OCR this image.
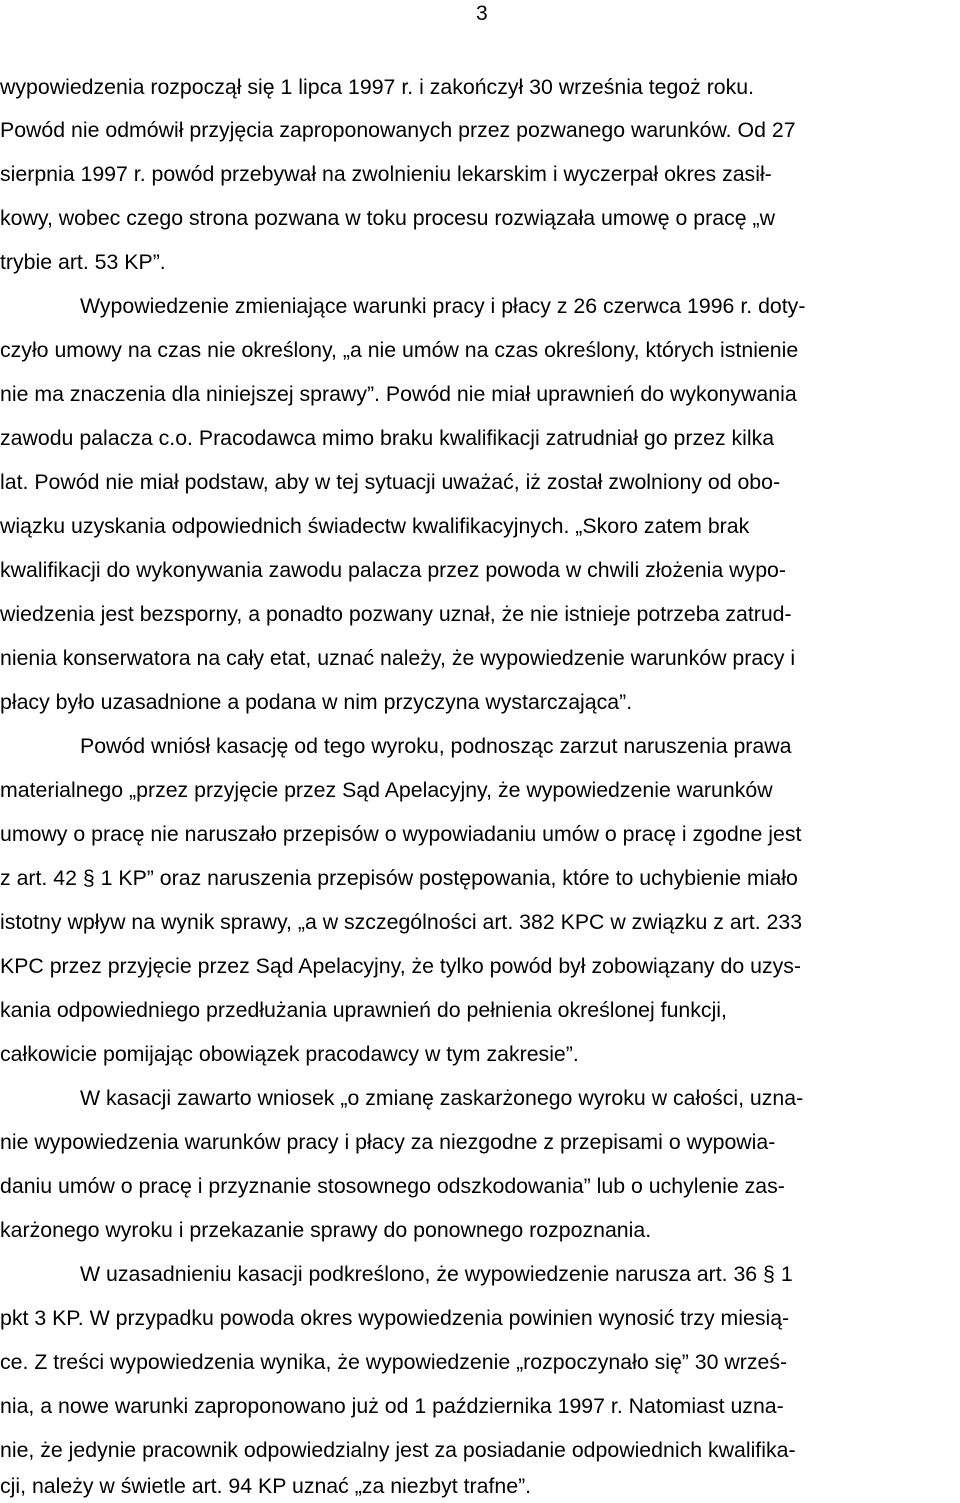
3
wypowiedzenia rozpoczął się 1 lipca 1997 r. i zakończył 30 września tegoż roku.
Powód nie odmówił przyjęcia zaproponowanych przez pozwanego warunków. Od 27
sierpnia 1997 r. powód przebywał na zwolnieniu lekarskim i wyczerpał okres zasił-
kowy, wobec czego strona pozwana w toku procesu rozwiązała umowę o pracę „w
trybie art. 53 KP”.
Wypowiedzenie zmieniające warunki pracy i płacy z 26 czerwca 1996 r. doty-
czyło umowy na czas nie określony, „a nie umów na czas określony, których istnienie
nie ma znaczenia dla niniejszej sprawy”. Powód nie miał uprawnień do wykonywania
zawodu palacza c.o. Pracodawca mimo braku kwalifikacji zatrudniał go przez kilka
lat. Powód nie miał podstaw, aby w tej sytuacji uważać, iż został zwolniony od obo-
wiązku uzyskania odpowiednich świadectw kwalifikacyjnych. „Skoro zatem brak
kwalifikacji do wykonywania zawodu palacza przez powoda w chwili złożenia wypo-
wiedzenia jest bezsporny, a ponadto pozwany uznał, że nie istnieje potrzeba zatrud-
nienia konserwatora na cały etat, uznać należy, że wypowiedzenie warunków pracy i
płacy było uzasadnione a podana w nim przyczyna wystarczająca”.
Powód wniósł kasację od tego wyroku, podnosząc zarzut naruszenia prawa
materialnego „przez przyjęcie przez Sąd Apelacyjny, że wypowiedzenie warunków
umowy o pracę nie naruszało przepisów o wypowiadaniu umów o pracę i zgodne jest
z art. 42 § 1 KP” oraz naruszenia przepisów postępowania, które to uchybienie miało
istotny wpływ na wynik sprawy, „a w szczególności art. 382 KPC w związku z art. 233
KPC przez przyjęcie przez Sąd Apelacyjny, że tylko powód był zobowiązany do uzys-
kania odpowiedniego przedłużania uprawnień do pełnienia określonej funkcji,
całkowicie pomijając obowiązek pracodawcy w tym zakresie”.
W kasacji zawarto wniosek „o zmianę zaskarżonego wyroku w całości, uzna-
nie wypowiedzenia warunków pracy i płacy za niezgodne z przepisami o wypowia-
daniu umów o pracę i przyznanie stosownego odszkodowania” lub o uchylenie zas-
karżonego wyroku i przekazanie sprawy do ponownego rozpoznania.
W uzasadnieniu kasacji podkreślono, że wypowiedzenie narusza art. 36 § 1
pkt 3 KP. W przypadku powoda okres wypowiedzenia powinien wynosić trzy miesią-
ce. Z treści wypowiedzenia wynika, że wypowiedzenie „rozpoczynało się” 30 wrześ-
nia, a nowe warunki zaproponowano już od 1 października 1997 r. Natomiast uzna-
nie, że jedynie pracownik odpowiedzialny jest za posiadanie odpowiednich kwalifika-
cji, należy w świetle art. 94 KP uznać „za niezbyt trafne”.
